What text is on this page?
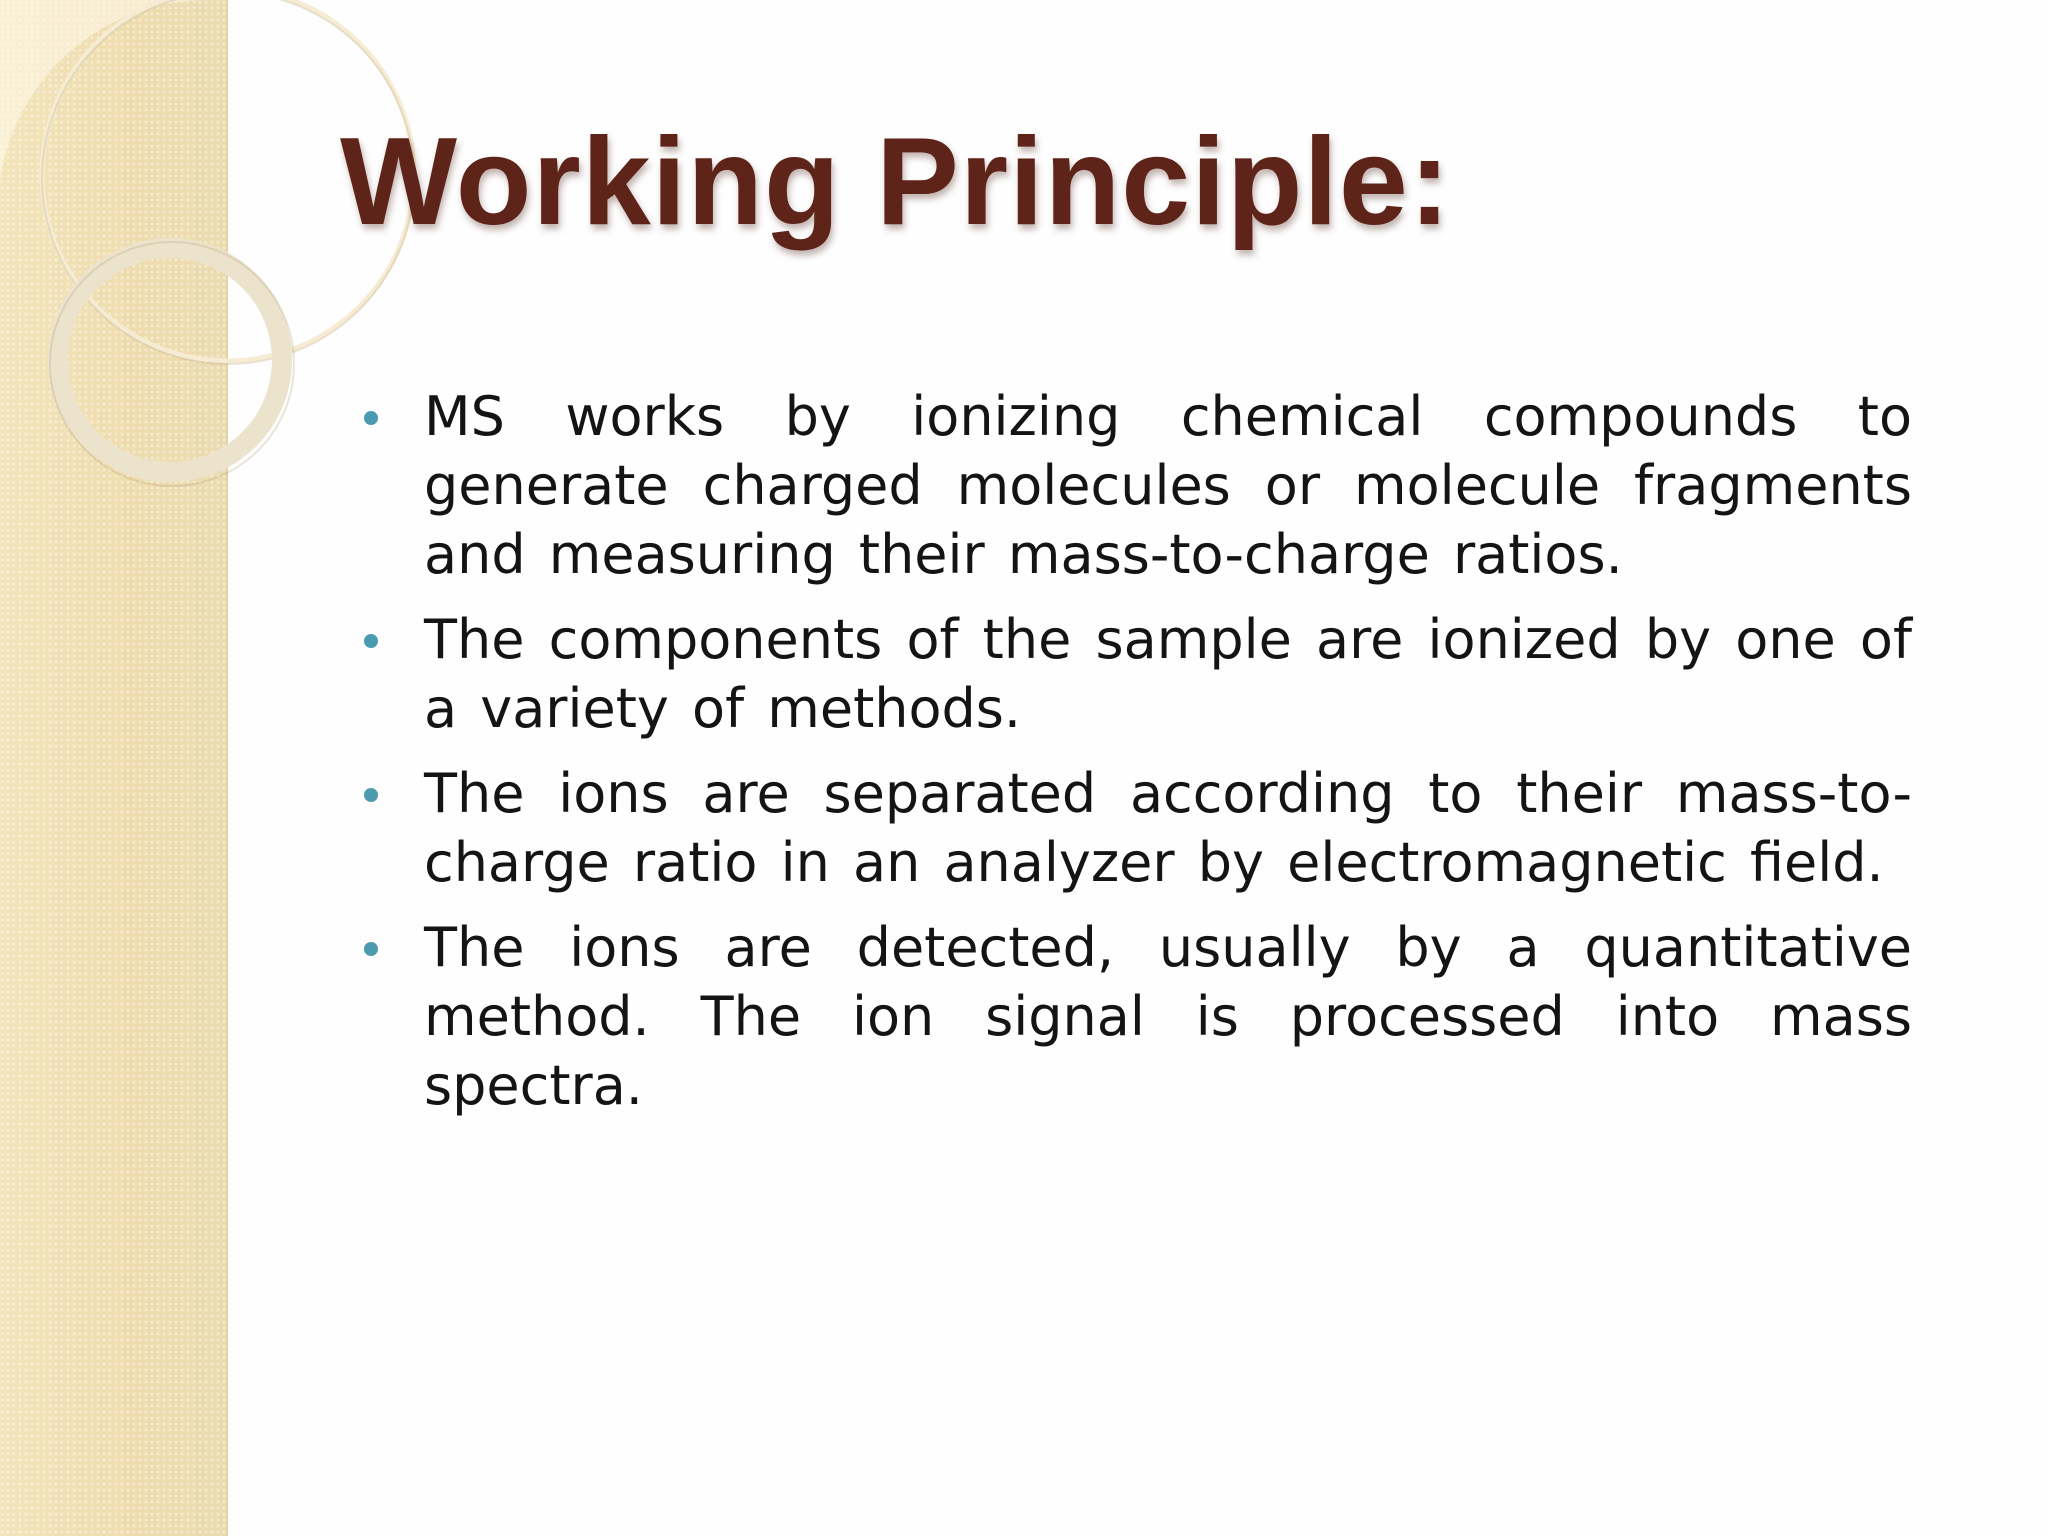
Working Principle:
MS works by ionizing chemical compounds to generate charged molecules or molecule fragments and measuring their mass-to-charge ratios.
The components of the sample are ionized by one of a variety of methods.
The ions are separated according to their mass-to-charge ratio in an analyzer by electromagnetic field.
The ions are detected, usually by a quantitative method. The ion signal is processed into mass spectra.
